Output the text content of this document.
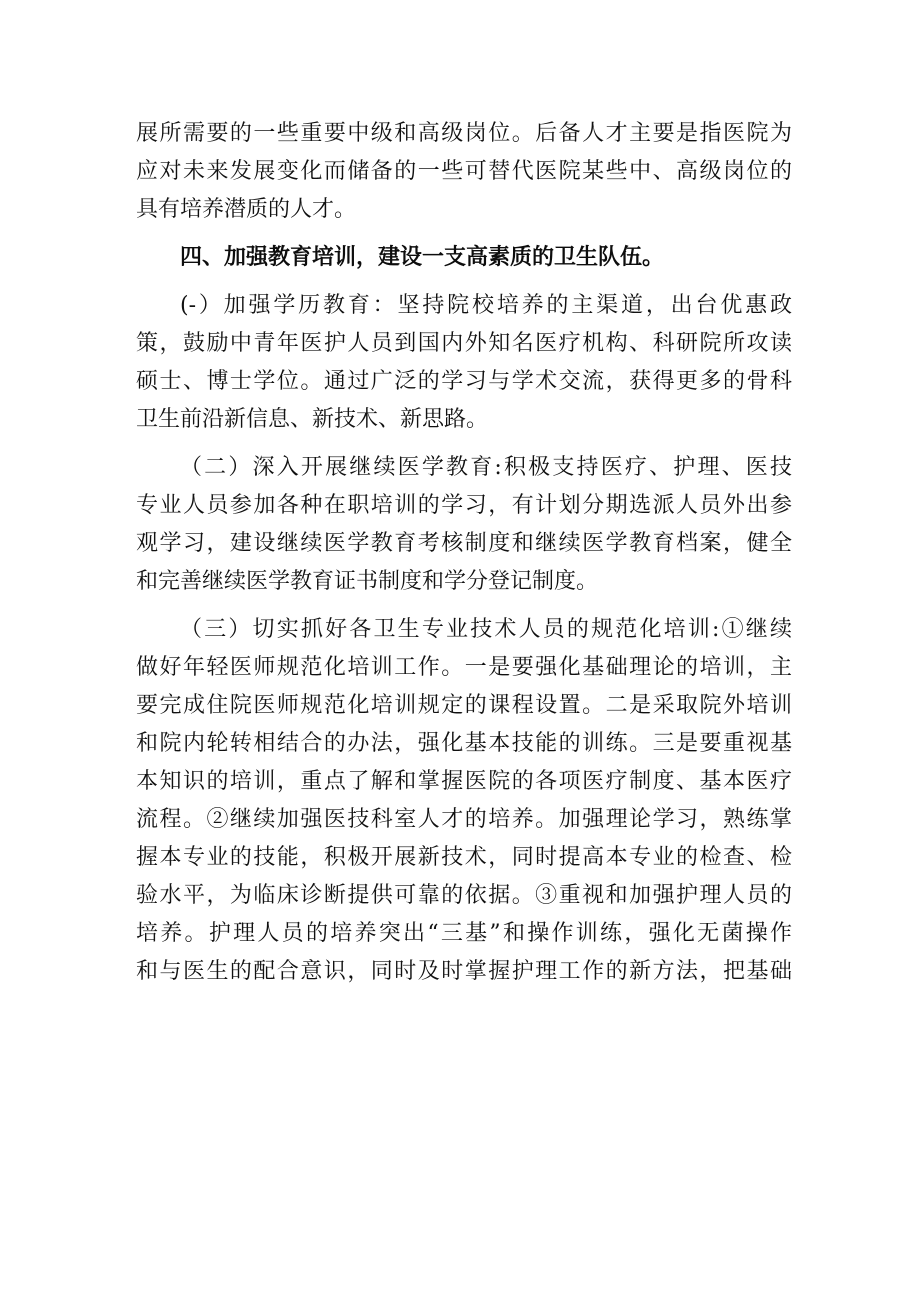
展所需要的一些重要中级和高级岗位。后备人才主要是指医院为
应对未来发展变化而储备的一些可替代医院某些中、高级岗位的
具有培养潜质的人才。
四、加强教育培训，建设一支高素质的卫生队伍。
(-）加强学历教育：坚持院校培养的主渠道，出台优惠政
策，鼓励中青年医护人员到国内外知名医疗机构、科研院所攻读
硕士、博士学位。通过广泛的学习与学术交流，获得更多的骨科
卫生前沿新信息、新技术、新思路。
（二）深入开展继续医学教育:积极支持医疗、护理、医技
专业人员参加各种在职培训的学习，有计划分期选派人员外出参
观学习，建设继续医学教育考核制度和继续医学教育档案，健全
和完善继续医学教育证书制度和学分登记制度。
（三）切实抓好各卫生专业技术人员的规范化培训:①继续
做好年轻医师规范化培训工作。一是要强化基础理论的培训，主
要完成住院医师规范化培训规定的课程设置。二是采取院外培训
和院内轮转相结合的办法，强化基本技能的训练。三是要重视基
本知识的培训，重点了解和掌握医院的各项医疗制度、基本医疗
流程。②继续加强医技科室人才的培养。加强理论学习，熟练掌
握本专业的技能，积极开展新技术，同时提高本专业的检查、检
验水平，为临床诊断提供可靠的依据。③重视和加强护理人员的
培养。护理人员的培养突出“三基”和操作训练，强化无菌操作
和与医生的配合意识，同时及时掌握护理工作的新方法，把基础
